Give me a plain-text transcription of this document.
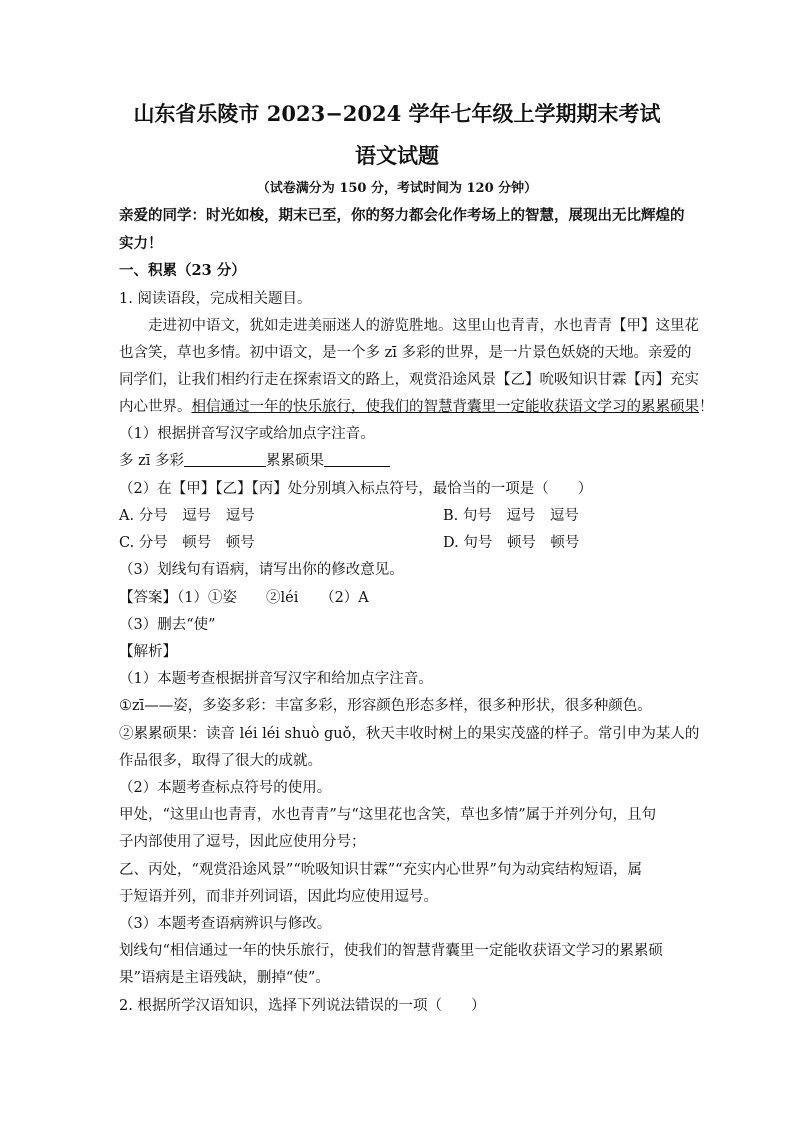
山东省乐陵市 2023−2024 学年七年级上学期期末考试
语文试题
（试卷满分为 150 分，考试时间为 120 分钟）
亲爱的同学：时光如梭，期末已至，你的努力都会化作考场上的智慧，展现出无比辉煌的
实力！
一、积累（23 分）
1. 阅读语段，完成相关题目。
走进初中语文，犹如走进美丽迷人的游览胜地。这里山也青青，水也青青【甲】这里花
也含笑，草也多情。初中语文，是一个多 zī 多彩的世界，是一片景色妖娆的天地。亲爱的
同学们，让我们相约行走在探索语文的路上，观赏沿途风景【乙】吮吸知识甘霖【丙】充实
内心世界。相信通过一年的快乐旅行，使我们的智慧背囊里一定能收获语文学习的累累硕果！
（1）根据拼音写汉字或给加点字注音。
多 zī 多彩	累累硕果
（2）在【甲】【乙】【丙】处分别填入标点符号，最恰当的一项是（　　）
A. 分号　逗号　逗号	B. 句号　逗号　逗号
C. 分号　顿号　顿号	D. 句号　顿号　顿号
（3）划线句有语病，请写出你的修改意见。
【答案】（1）①姿　　②léi　　（2）A
（3）删去“使”
【解析】
（1）本题考查根据拼音写汉字和给加点字注音。
①zī——姿，多姿多彩：丰富多彩，形容颜色形态多样，很多种形状，很多种颜色。
②累累硕果：读音 léi léi shuò guǒ，秋天丰收时树上的果实茂盛的样子。常引申为某人的
作品很多，取得了很大的成就。
（2）本题考查标点符号的使用。
甲处，“这里山也青青，水也青青”与“这里花也含笑，草也多情”属于并列分句，且句
子内部使用了逗号，因此应使用分号；
乙、丙处，“观赏沿途风景”“吮吸知识甘霖”“充实内心世界”句为动宾结构短语，属
于短语并列，而非并列词语，因此均应使用逗号。
（3）本题考查语病辨识与修改。
划线句“相信通过一年的快乐旅行，使我们的智慧背囊里一定能收获语文学习的累累硕
果”语病是主语残缺，删掉“使”。
2. 根据所学汉语知识，选择下列说法错误的一项（　　）
